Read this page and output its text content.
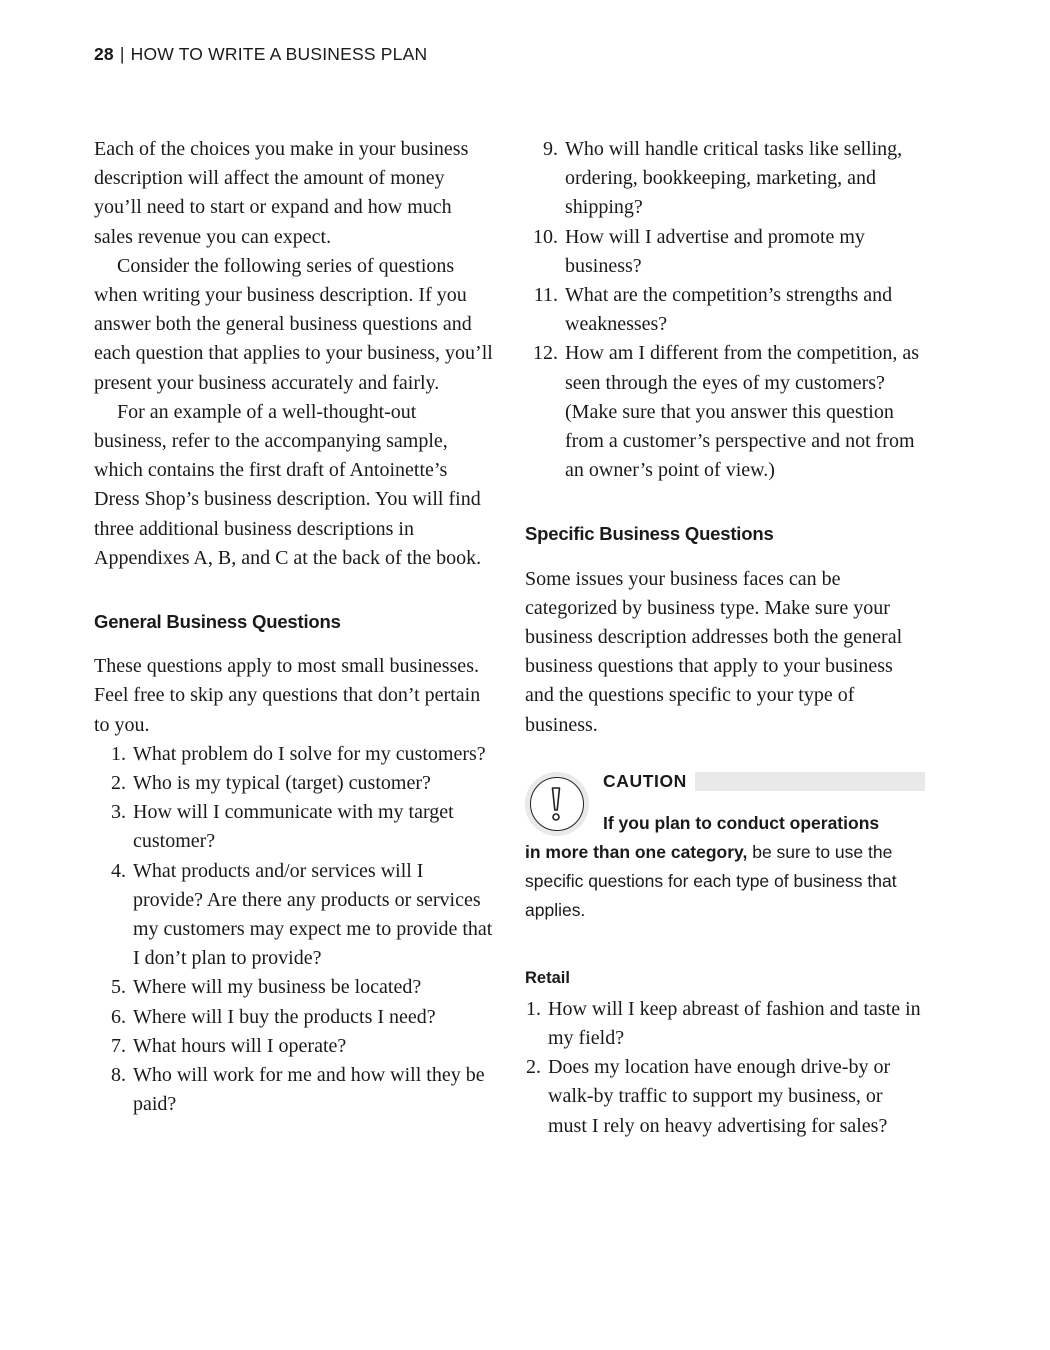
28 | HOW TO WRITE A BUSINESS PLAN

Each of the choices you make in your business description will affect the amount of money you’ll need to start or expand and how much sales revenue you can expect.

Consider the following series of questions when writing your business description. If you answer both the general business questions and each question that applies to your business, you’ll present your business accurately and fairly.

For an example of a well-thought-out business, refer to the accompanying sample, which contains the first draft of Antoinette’s Dress Shop’s business description. You will find three additional business descriptions in Appendixes A, B, and C at the back of the book.

General Business Questions

These questions apply to most small businesses. Feel free to skip any questions that don’t pertain to you.

1. What problem do I solve for my customers?
2. Who is my typical (target) customer?
3. How will I communicate with my target customer?
4. What products and/or services will I provide? Are there any products or services my customers may expect me to provide that I don’t plan to provide?
5. Where will my business be located?
6. Where will I buy the products I need?
7. What hours will I operate?
8. Who will work for me and how will they be paid?
9. Who will handle critical tasks like selling, ordering, bookkeeping, marketing, and shipping?
10. How will I advertise and promote my business?
11. What are the competition’s strengths and weaknesses?
12. How am I different from the competition, as seen through the eyes of my customers? (Make sure that you answer this question from a customer’s perspective and not from an owner’s point of view.)
Specific Business Questions

Some issues your business faces can be categorized by business type. Make sure your business description addresses both the general business questions that apply to your business and the questions specific to your type of business.

CAUTION
If you plan to conduct operations
in more than one category, be sure to use the specific questions for each type of business that applies.
Retail
1. How will I keep abreast of fashion and taste in my field?
2. Does my location have enough drive-by or walk-by traffic to support my business, or must I rely on heavy advertising for sales?
